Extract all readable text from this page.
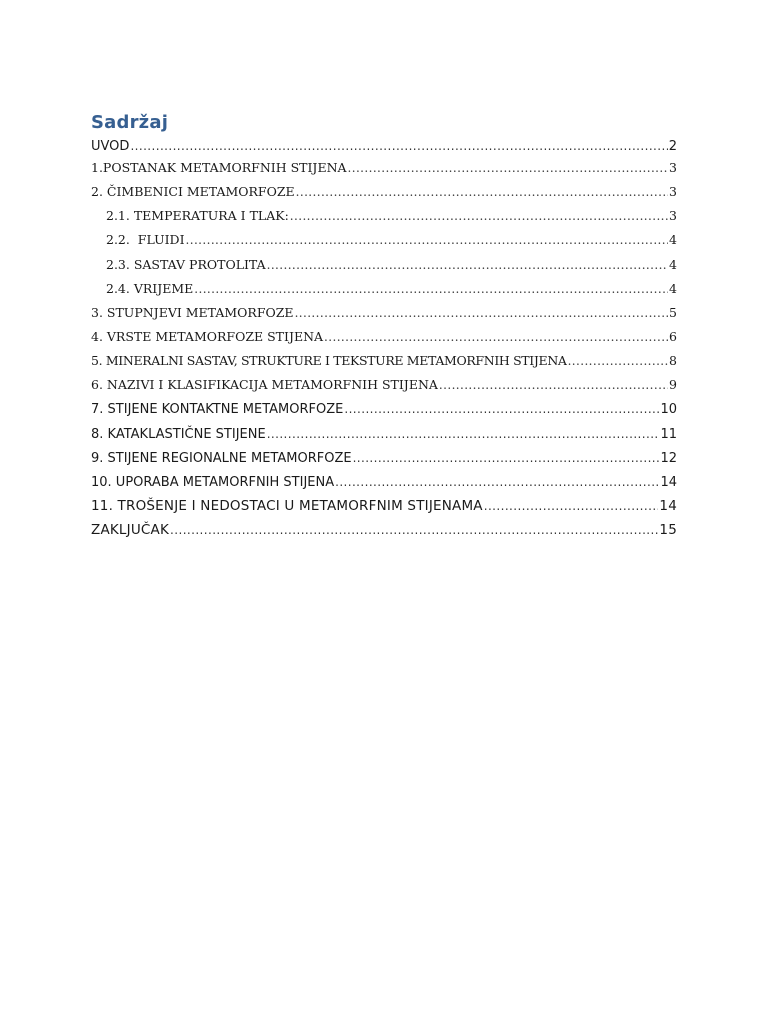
Sadržaj
UVOD .....	2
1.POSTANAK METAMORFNIH STIJENA .....	3
2. ČIMBENICI METAMORFOZE .....	3
2.1. TEMPERATURA I TLAK: .....	3
2.2.  FLUIDI .....	4
2.3. SASTAV PROTOLITA .....	4
2.4. VRIJEME .....	4
3. STUPNJEVI METAMORFOZE .....	5
4. VRSTE METAMORFOZE STIJENA .....	6
5. MINERALNI SASTAV, STRUKTURE I TEKSTURE METAMORFNIH STIJENA .....	8
6. NAZIVI I KLASIFIKACIJA METAMORFNIH STIJENA .....	9
7. STIJENE KONTAKTNE METAMORFOZE .....	10
8. KATAKLASTIČNE STIJENE .....	11
9. STIJENE REGIONALNE METAMORFOZE .....	12
10. UPORABA METAMORFNIH STIJENA .....	14
11. TROŠENJE I NEDOSTACI U METAMORFNIM STIJENAMA .....	14
ZAKLJUČAK .....	15
